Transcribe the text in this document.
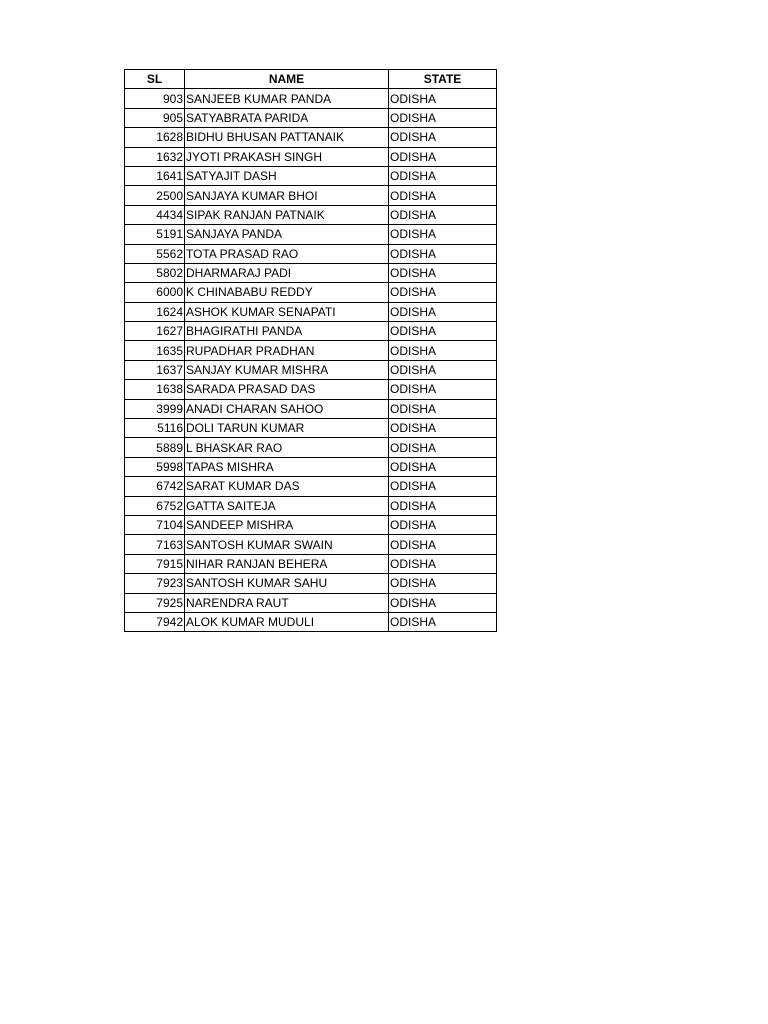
SL	NAME	STATE
903	SANJEEB KUMAR PANDA	ODISHA
905	SATYABRATA PARIDA	ODISHA
1628	BIDHU BHUSAN PATTANAIK	ODISHA
1632	JYOTI PRAKASH SINGH	ODISHA
1641	SATYAJIT DASH	ODISHA
2500	SANJAYA KUMAR BHOI	ODISHA
4434	SIPAK RANJAN PATNAIK	ODISHA
5191	SANJAYA PANDA	ODISHA
5562	TOTA PRASAD RAO	ODISHA
5802	DHARMARAJ PADI	ODISHA
6000	K CHINABABU REDDY	ODISHA
1624	ASHOK KUMAR SENAPATI	ODISHA
1627	BHAGIRATHI PANDA	ODISHA
1635	RUPADHAR PRADHAN	ODISHA
1637	SANJAY KUMAR MISHRA	ODISHA
1638	SARADA PRASAD DAS	ODISHA
3999	ANADI CHARAN SAHOO	ODISHA
5116	DOLI TARUN KUMAR	ODISHA
5889	L BHASKAR RAO	ODISHA
5998	TAPAS MISHRA	ODISHA
6742	SARAT KUMAR DAS	ODISHA
6752	GATTA SAITEJA	ODISHA
7104	SANDEEP MISHRA	ODISHA
7163	SANTOSH KUMAR SWAIN	ODISHA
7915	NIHAR RANJAN BEHERA	ODISHA
7923	SANTOSH KUMAR SAHU	ODISHA
7925	NARENDRA RAUT	ODISHA
7942	ALOK KUMAR MUDULI	ODISHA
